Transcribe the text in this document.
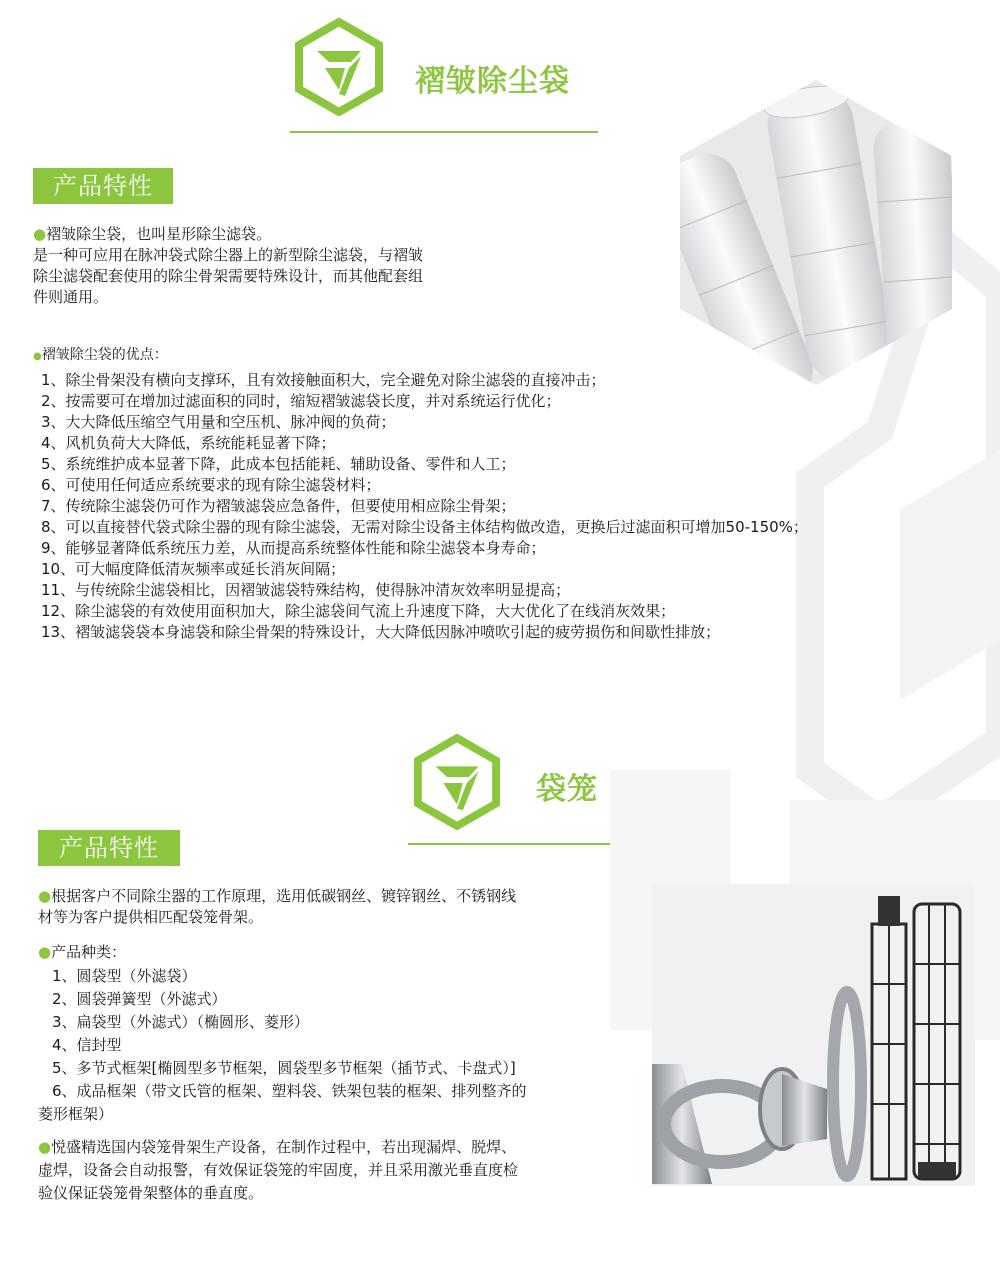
褶皱除尘袋
产品特性

●褶皱除尘袋，也叫星形除尘滤袋。

是一种可应用在脉冲袋式除尘器上的新型除尘滤袋，与褶皱

除尘滤袋配套使用的除尘骨架需要特殊设计，而其他配套组

件则通用。

●褶皱除尘袋的优点：

1、除尘骨架没有横向支撑环，且有效接触面积大，完全避免对除尘滤袋的直接冲击；
2、按需要可在增加过滤面积的同时，缩短褶皱滤袋长度，并对系统运行优化；
3、大大降低压缩空气用量和空压机、脉冲阀的负荷；
4、风机负荷大大降低，系统能耗显著下降；
5、系统维护成本显著下降，此成本包括能耗、辅助设备、零件和人工；
6、可使用任何适应系统要求的现有除尘滤袋材料；
7、传统除尘滤袋仍可作为褶皱滤袋应急备件，但要使用相应除尘骨架；
8、可以直接替代袋式除尘器的现有除尘滤袋，无需对除尘设备主体结构做改造，更换后过滤面积可增加50-150%；
9、能够显著降低系统压力差，从而提高系统整体性能和除尘滤袋本身寿命；
10、可大幅度降低清灰频率或延长消灰间隔；
11、与传统除尘滤袋相比，因褶皱滤袋特殊结构，使得脉冲清灰效率明显提高；
12、除尘滤袋的有效使用面积加大，除尘滤袋间气流上升速度下降，大大优化了在线消灰效果；
13、褶皱滤袋袋本身滤袋和除尘骨架的特殊设计，大大降低因脉冲喷吹引起的疲劳损伤和间歇性排放；
袋笼
产品特性

●根据客户不同除尘器的工作原理，选用低碳钢丝、镀锌钢丝、不锈钢线

材等为客户提供相匹配袋笼骨架。

●产品种类：

1、圆袋型（外滤袋）
2、圆袋弹簧型（外滤式）
3、扁袋型（外滤式）（椭圆形、菱形）
4、信封型
5、多节式框架[椭圆型多节框架，圆袋型多节框架（插节式、卡盘式）]
6、成品框架（带文氏管的框架、塑料袋、铁架包装的框架、排列整齐的
菱形框架）

●悦盛精选国内袋笼骨架生产设备，在制作过程中，若出现漏焊、脱焊、

虚焊，设备会自动报警，有效保证袋笼的牢固度，并且采用激光垂直度检

验仪保证袋笼骨架整体的垂直度。
